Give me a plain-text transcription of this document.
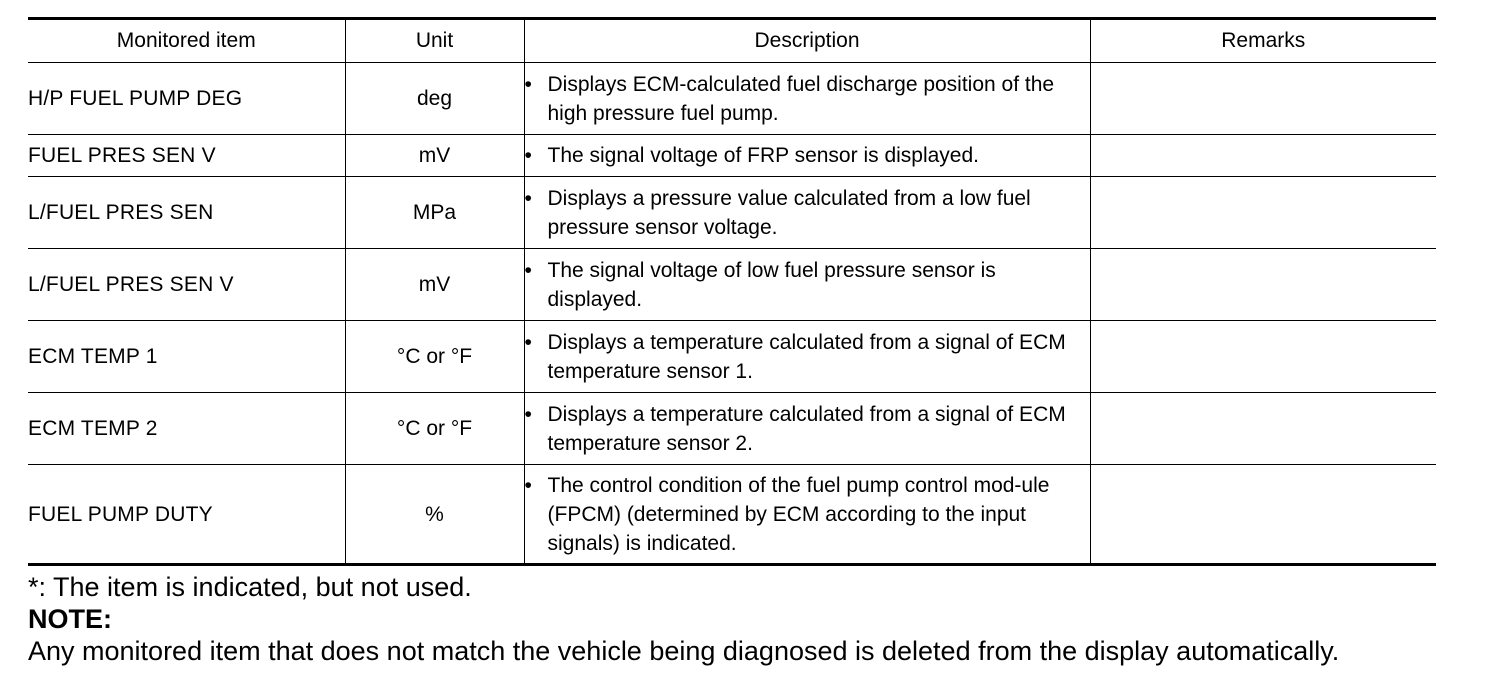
Monitored item	Unit	Description	Remarks
H/P FUEL PUMP DEG	deg	• Displays ECM-calculated fuel discharge position of the high pressure fuel pump.	

FUEL PRES SEN V	mV	• The signal voltage of FRP sensor is displayed.	

L/FUEL PRES SEN	MPa	• Displays a pressure value calculated from a low fuel pressure sensor voltage.	

L/FUEL PRES SEN V	mV	• The signal voltage of low fuel pressure sensor is displayed.	

ECM TEMP 1	°C or °F	• Displays a temperature calculated from a signal of ECM temperature sensor 1.	

ECM TEMP 2	°C or °F	• Displays a temperature calculated from a signal of ECM temperature sensor 2.	

FUEL PUMP DUTY	%	• The control condition of the fuel pump control mod-ule (FPCM) (determined by ECM according to the input signals) is indicated.	

*: The item is indicated, but not used.
NOTE:
Any monitored item that does not match the vehicle being diagnosed is deleted from the display automatically.
